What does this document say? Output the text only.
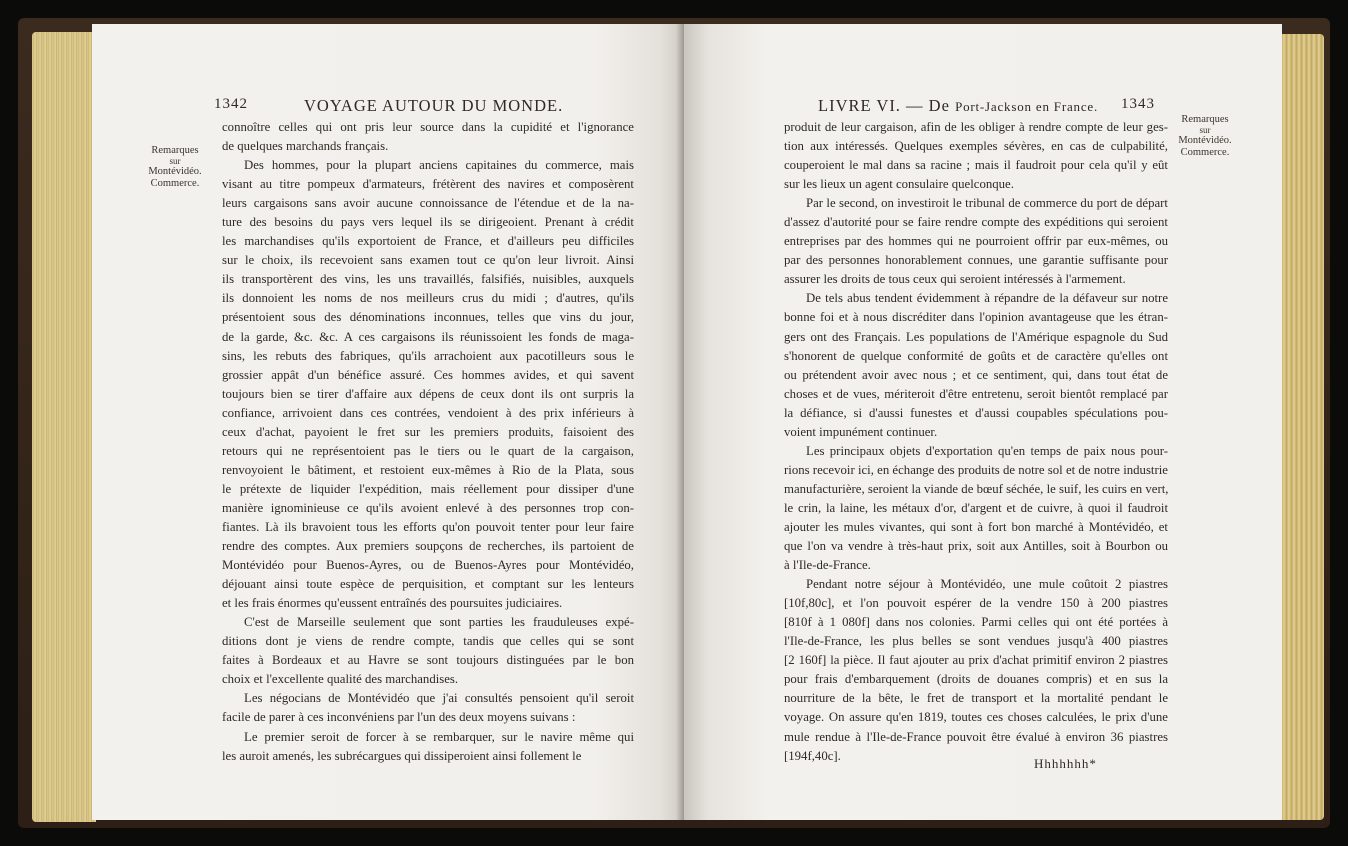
1342	VOYAGE AUTOUR DU MONDE.
Remarques
sur
Montévidéo.
Commerce.
connoître celles qui ont pris leur source dans la cupidité et l'ignorance
de quelques marchands français.
Des hommes, pour la plupart anciens capitaines du commerce, mais
visant au titre pompeux d'armateurs, frétèrent des navires et composèrent
leurs cargaisons sans avoir aucune connoissance de l'étendue et de la na-
ture des besoins du pays vers lequel ils se dirigeoient. Prenant à crédit
les marchandises qu'ils exportoient de France, et d'ailleurs peu difficiles
sur le choix, ils recevoient sans examen tout ce qu'on leur livroit. Ainsi
ils transportèrent des vins, les uns travaillés, falsifiés, nuisibles, auxquels
ils donnoient les noms de nos meilleurs crus du midi ; d'autres, qu'ils
présentoient sous des dénominations inconnues, telles que vins du jour,
de la garde, &c. &c. A ces cargaisons ils réunissoient les fonds de maga-
sins, les rebuts des fabriques, qu'ils arrachoient aux pacotilleurs sous le
grossier appât d'un bénéfice assuré. Ces hommes avides, et qui savent
toujours bien se tirer d'affaire aux dépens de ceux dont ils ont surpris la
confiance, arrivoient dans ces contrées, vendoient à des prix inférieurs à
ceux d'achat, payoient le fret sur les premiers produits, faisoient des
retours qui ne représentoient pas le tiers ou le quart de la cargaison,
renvoyoient le bâtiment, et restoient eux-mêmes à Rio de la Plata, sous
le prétexte de liquider l'expédition, mais réellement pour dissiper d'une
manière ignominieuse ce qu'ils avoient enlevé à des personnes trop con-
fiantes. Là ils bravoient tous les efforts qu'on pouvoit tenter pour leur faire
rendre des comptes. Aux premiers soupçons de recherches, ils partoient de
Montévidéo pour Buenos-Ayres, ou de Buenos-Ayres pour Montévidéo,
déjouant ainsi toute espèce de perquisition, et comptant sur les lenteurs
et les frais énormes qu'eussent entraînés des poursuites judiciaires.
C'est de Marseille seulement que sont parties les frauduleuses expé-
ditions dont je viens de rendre compte, tandis que celles qui se sont
faites à Bordeaux et au Havre se sont toujours distinguées par le bon
choix et l'excellente qualité des marchandises.
Les négocians de Montévidéo que j'ai consultés pensoient qu'il seroit
facile de parer à ces inconvéniens par l'un des deux moyens suivans :
Le premier seroit de forcer à se rembarquer, sur le navire même qui
les auroit amenés, les subrécargues qui dissiperoient ainsi follement le
LIVRE VI. — De Port-Jackson en France. 1343
Remarques
sur
Montévidéo.
Commerce.
produit de leur cargaison, afin de les obliger à rendre compte de leur ges-
tion aux intéressés. Quelques exemples sévères, en cas de culpabilité,
couperoient le mal dans sa racine ; mais il faudroit pour cela qu'il y eût
sur les lieux un agent consulaire quelconque.
Par le second, on investiroit le tribunal de commerce du port de départ
d'assez d'autorité pour se faire rendre compte des expéditions qui seroient
entreprises par des hommes qui ne pourroient offrir par eux-mêmes, ou
par des personnes honorablement connues, une garantie suffisante pour
assurer les droits de tous ceux qui seroient intéressés à l'armement.
De tels abus tendent évidemment à répandre de la défaveur sur notre
bonne foi et à nous discréditer dans l'opinion avantageuse que les étran-
gers ont des Français. Les populations de l'Amérique espagnole du Sud
s'honorent de quelque conformité de goûts et de caractère qu'elles ont
ou prétendent avoir avec nous ; et ce sentiment, qui, dans tout état de
choses et de vues, mériteroit d'être entretenu, seroit bientôt remplacé par
la défiance, si d'aussi funestes et d'aussi coupables spéculations pou-
voient impunément continuer.
Les principaux objets d'exportation qu'en temps de paix nous pour-
rions recevoir ici, en échange des produits de notre sol et de notre industrie
manufacturière, seroient la viande de bœuf séchée, le suif, les cuirs en vert,
le crin, la laine, les métaux d'or, d'argent et de cuivre, à quoi il faudroit
ajouter les mules vivantes, qui sont à fort bon marché à Montévidéo, et
que l'on va vendre à très-haut prix, soit aux Antilles, soit à Bourbon ou
à l'Ile-de-France.
Pendant notre séjour à Montévidéo, une mule coûtoit 2 piastres
[10f,80c], et l'on pouvoit espérer de la vendre 150 à 200 piastres
[810f à 1 080f] dans nos colonies. Parmi celles qui ont été portées à
l'Ile-de-France, les plus belles se sont vendues jusqu'à 400 piastres
[2 160f] la pièce. Il faut ajouter au prix d'achat primitif environ 2 piastres
pour frais d'embarquement (droits de douanes compris) et en sus la
nourriture de la bête, le fret de transport et la mortalité pendant le
voyage. On assure qu'en 1819, toutes ces choses calculées, le prix d'une
mule rendue à l'Ile-de-France pouvoit être évalué à environ 36 piastres
[194f,40c].
Hhhhhhh*
